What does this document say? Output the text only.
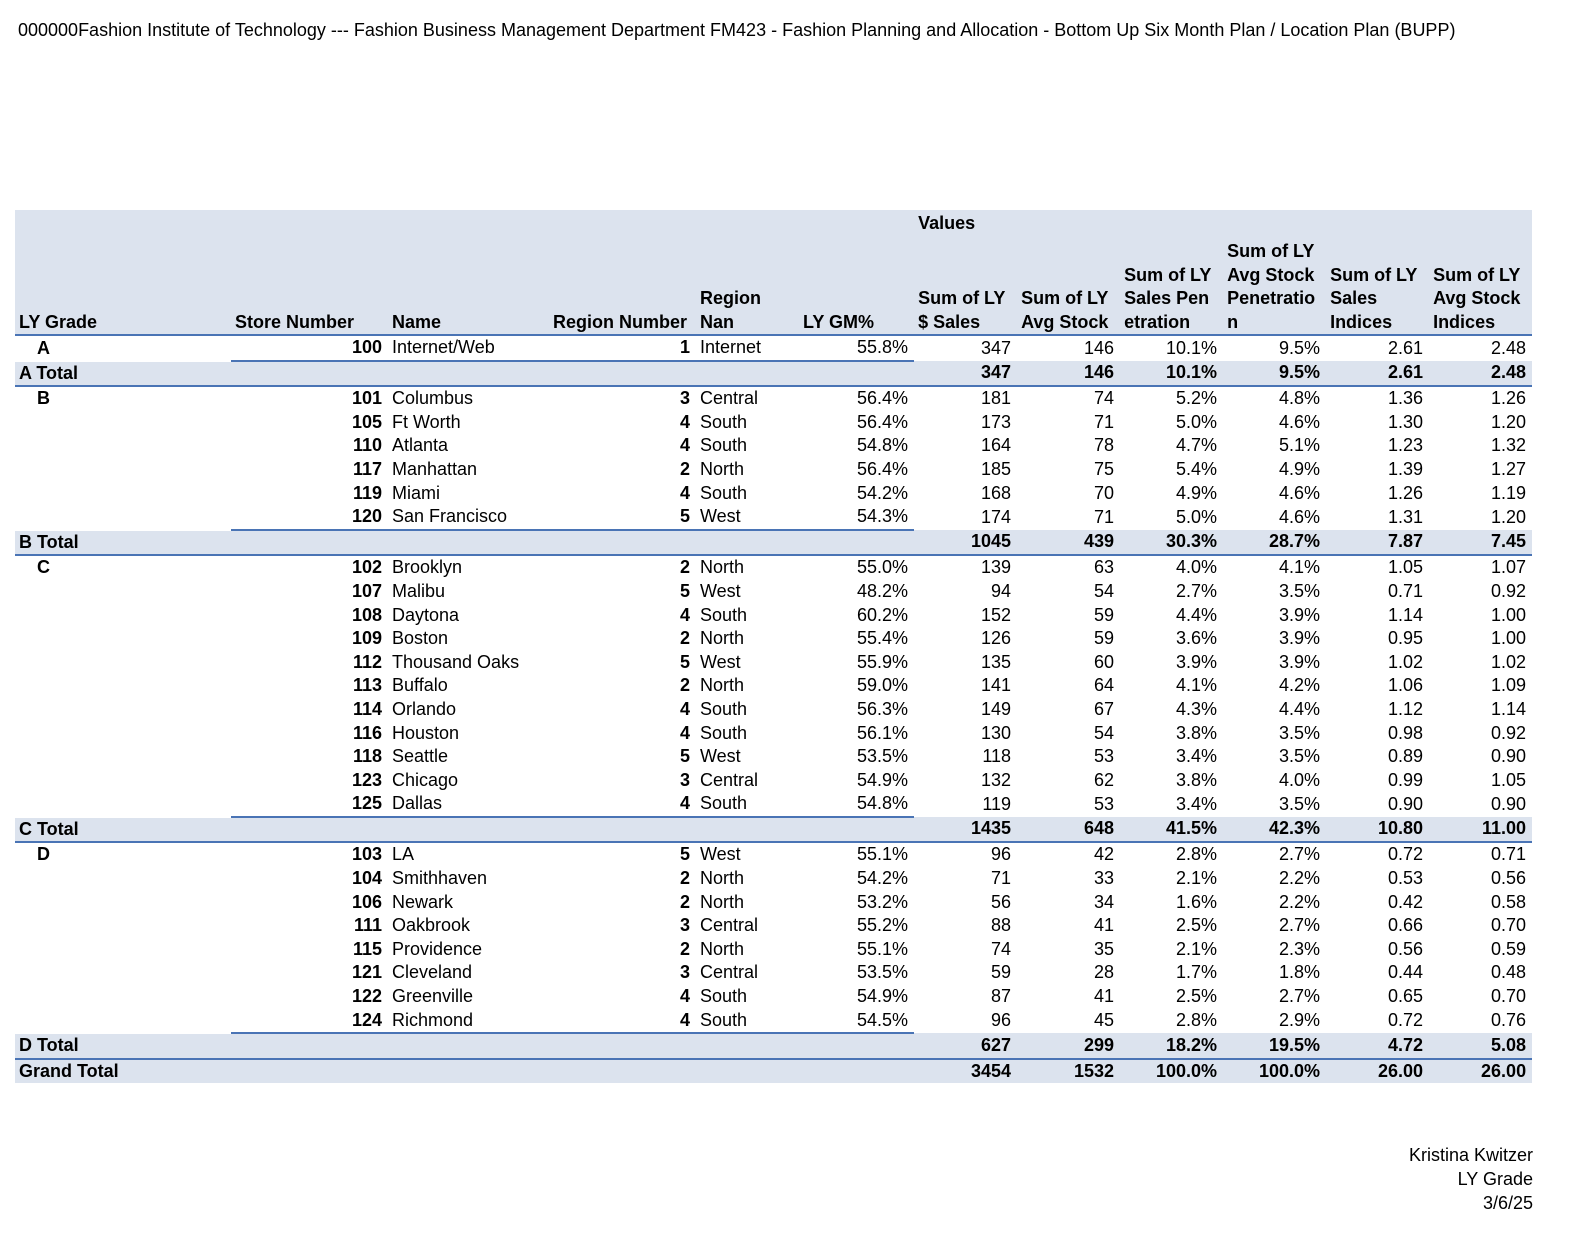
000000Fashion Institute of Technology --- Fashion Business Management Department FM423 - Fashion Planning and Allocation - Bottom Up Six Month Plan / Location Plan (BUPP)
						Values					
LY Grade	Store Number	Name	Region Number	Region Nan	LY GM%	Sum of LY $ Sales	Sum of LY Avg Stock	Sum of LY Sales Penetration	Sum of LY Avg Stock Penetration	Sum of LY Sales Indices	Sum of LY Avg Stock Indices
A	100	Internet/Web	1	Internet	55.8%	347	146	10.1%	9.5%	2.61	2.48
A Total						347	146	10.1%	9.5%	2.61	2.48
B	101	Columbus	3	Central	56.4%	181	74	5.2%	4.8%	1.36	1.26
	105	Ft Worth	4	South	56.4%	173	71	5.0%	4.6%	1.30	1.20
	110	Atlanta	4	South	54.8%	164	78	4.7%	5.1%	1.23	1.32
	117	Manhattan	2	North	56.4%	185	75	5.4%	4.9%	1.39	1.27
	119	Miami	4	South	54.2%	168	70	4.9%	4.6%	1.26	1.19
	120	San Francisco	5	West	54.3%	174	71	5.0%	4.6%	1.31	1.20
B Total						1045	439	30.3%	28.7%	7.87	7.45
C	102	Brooklyn	2	North	55.0%	139	63	4.0%	4.1%	1.05	1.07
	107	Malibu	5	West	48.2%	94	54	2.7%	3.5%	0.71	0.92
	108	Daytona	4	South	60.2%	152	59	4.4%	3.9%	1.14	1.00
	109	Boston	2	North	55.4%	126	59	3.6%	3.9%	0.95	1.00
	112	Thousand Oaks	5	West	55.9%	135	60	3.9%	3.9%	1.02	1.02
	113	Buffalo	2	North	59.0%	141	64	4.1%	4.2%	1.06	1.09
	114	Orlando	4	South	56.3%	149	67	4.3%	4.4%	1.12	1.14
	116	Houston	4	South	56.1%	130	54	3.8%	3.5%	0.98	0.92
	118	Seattle	5	West	53.5%	118	53	3.4%	3.5%	0.89	0.90
	123	Chicago	3	Central	54.9%	132	62	3.8%	4.0%	0.99	1.05
	125	Dallas	4	South	54.8%	119	53	3.4%	3.5%	0.90	0.90
C Total						1435	648	41.5%	42.3%	10.80	11.00
D	103	LA	5	West	55.1%	96	42	2.8%	2.7%	0.72	0.71
	104	Smithhaven	2	North	54.2%	71	33	2.1%	2.2%	0.53	0.56
	106	Newark	2	North	53.2%	56	34	1.6%	2.2%	0.42	0.58
	111	Oakbrook	3	Central	55.2%	88	41	2.5%	2.7%	0.66	0.70
	115	Providence	2	North	55.1%	74	35	2.1%	2.3%	0.56	0.59
	121	Cleveland	3	Central	53.5%	59	28	1.7%	1.8%	0.44	0.48
	122	Greenville	4	South	54.9%	87	41	2.5%	2.7%	0.65	0.70
	124	Richmond	4	South	54.5%	96	45	2.8%	2.9%	0.72	0.76
D Total						627	299	18.2%	19.5%	4.72	5.08
Grand Total						3454	1532	100.0%	100.0%	26.00	26.00
Kristina Kwitzer
LY Grade
3/6/25
